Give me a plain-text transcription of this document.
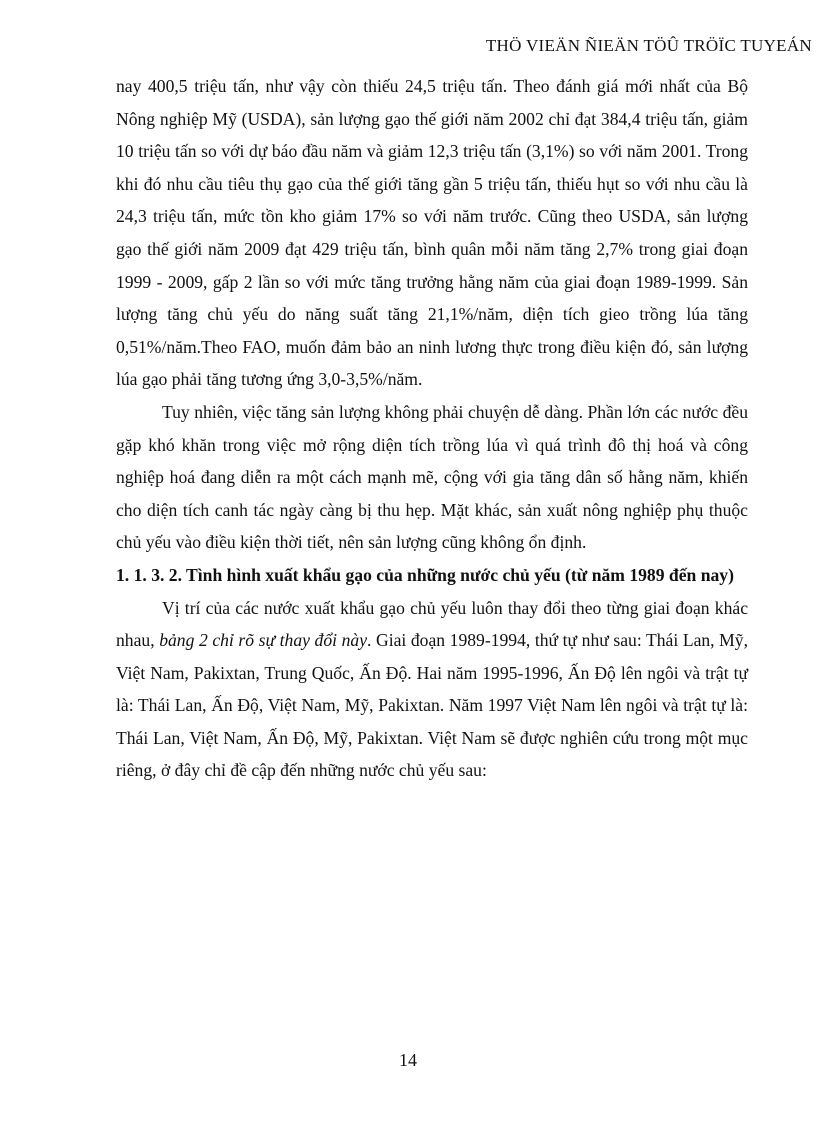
THÖ VIEÄN ÑIEÄN TÖÛ TRÖÏC TUYEÁN

nay 400,5 triệu tấn, như vậy còn thiếu 24,5 triệu tấn. Theo đánh giá mới nhất của Bộ Nông nghiệp Mỹ (USDA), sản lượng gạo thế giới năm 2002 chỉ đạt 384,4 triệu tấn, giảm 10 triệu tấn so với dự báo đầu năm và giảm 12,3 triệu tấn (3,1%) so với năm 2001. Trong khi đó nhu cầu tiêu thụ gạo của thế giới tăng gần 5 triệu tấn, thiếu hụt so với nhu cầu là 24,3 triệu tấn, mức tồn kho giảm 17% so với năm trước. Cũng theo USDA, sản lượng gạo thế giới năm 2009 đạt 429 triệu tấn, bình quân mỗi năm tăng 2,7% trong giai đoạn 1999 - 2009, gấp 2 lần so với mức tăng trưởng hằng năm của giai đoạn 1989-1999. Sản lượng tăng chủ yếu do năng suất tăng 21,1%/năm, diện tích gieo trồng lúa tăng 0,51%/năm.Theo FAO, muốn đảm bảo an ninh lương thực trong điều kiện đó, sản lượng lúa gạo phải tăng tương ứng 3,0-3,5%/năm.

Tuy nhiên, việc tăng sản lượng không phải chuyện dễ dàng. Phần lớn các nước đều gặp khó khăn trong việc mở rộng diện tích trồng lúa vì quá trình đô thị hoá và công nghiệp hoá đang diễn ra một cách mạnh mẽ, cộng với gia tăng dân số hằng năm, khiến cho diện tích canh tác ngày càng bị thu hẹp. Mặt khác, sản xuất nông nghiệp phụ thuộc chủ yếu vào điều kiện thời tiết, nên sản lượng cũng không ổn định.

1. 1. 3. 2. Tình hình xuất khẩu gạo của những nước chủ yếu (từ năm 1989 đến nay)

Vị trí của các nước xuất khẩu gạo chủ yếu luôn thay đổi theo từng giai đoạn khác nhau, bảng 2 chỉ rõ sự thay đổi này. Giai đoạn 1989-1994, thứ tự như sau: Thái Lan, Mỹ, Việt Nam, Pakixtan, Trung Quốc, Ấn Độ. Hai năm 1995-1996, Ấn Độ lên ngôi và trật tự là: Thái Lan, Ấn Độ, Việt Nam, Mỹ, Pakixtan. Năm 1997 Việt Nam lên ngôi và trật tự là: Thái Lan, Việt Nam, Ấn Độ, Mỹ, Pakixtan. Việt Nam sẽ được nghiên cứu trong một mục riêng, ở đây chỉ đề cập đến những nước chủ yếu sau:

14
